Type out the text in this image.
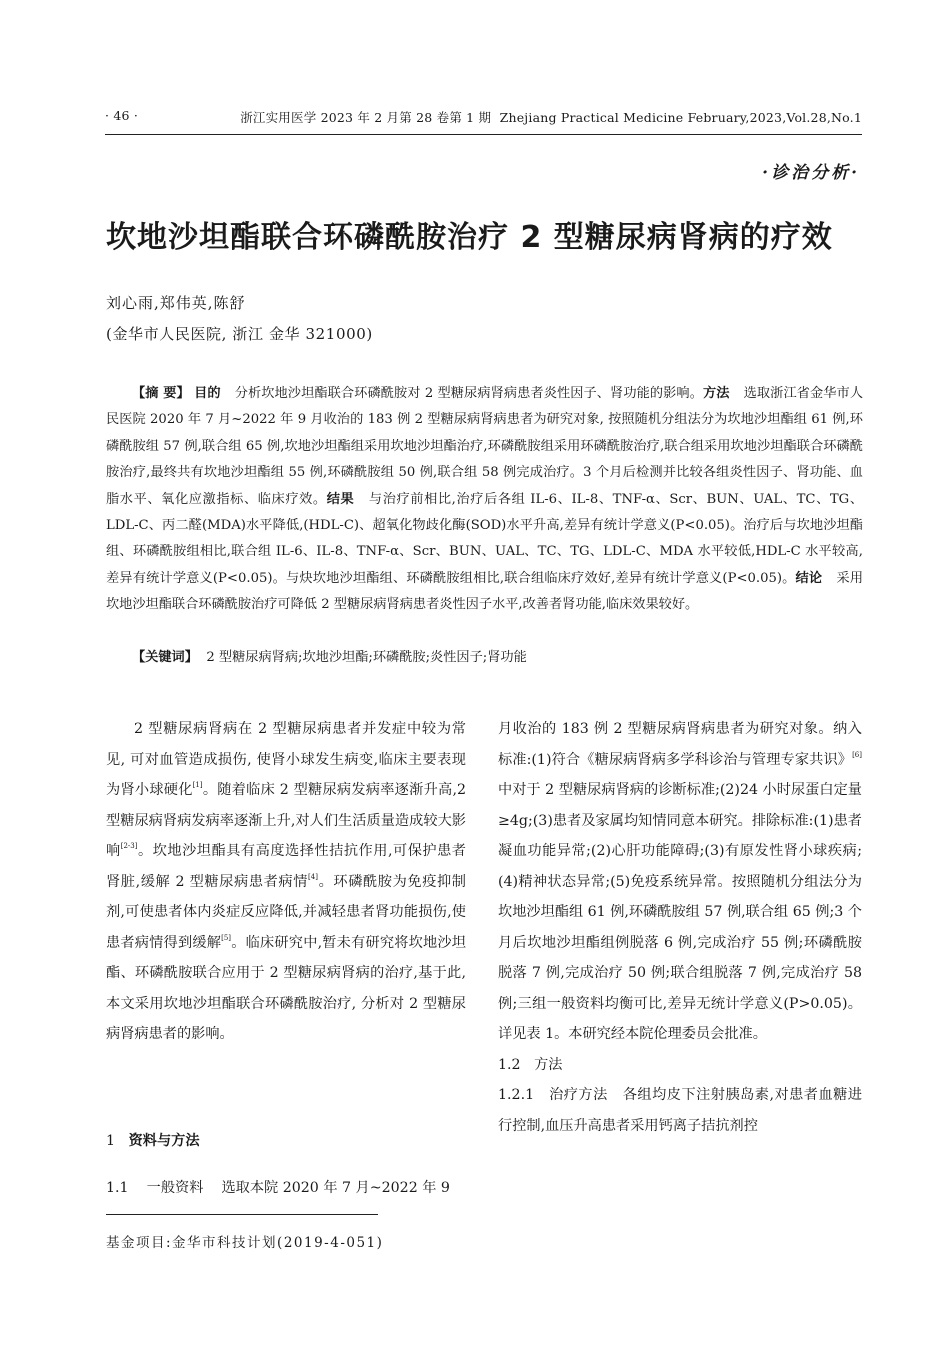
· 46 ·	浙江实用医学 2023 年 2 月第 28 卷第 1 期 Zhejiang Practical Medicine February,2023,Vol.28,No.1
·诊治分析·
坎地沙坦酯联合环磷酰胺治疗 2 型糖尿病肾病的疗效
刘心雨,郑伟英,陈舒
(金华市人民医院, 浙江 金华 321000)

【摘 要】 目的 分析坎地沙坦酯联合环磷酰胺对 2 型糖尿病肾病患者炎性因子、肾功能的影响。方法 选取浙江省金华市人民医院 2020 年 7 月~2022 年 9 月收治的 183 例 2 型糖尿病肾病患者为研究对象, 按照随机分组法分为坎地沙坦酯组 61 例,环磷酰胺组 57 例,联合组 65 例,坎地沙坦酯组采用坎地沙坦酯治疗,环磷酰胺组采用环磷酰胺治疗,联合组采用坎地沙坦酯联合环磷酰胺治疗,最终共有坎地沙坦酯组 55 例,环磷酰胺组 50 例,联合组 58 例完成治疗。3 个月后检测并比较各组炎性因子、肾功能、血脂水平、氧化应激指标、临床疗效。结果 与治疗前相比,治疗后各组 IL-6、IL-8、TNF-α、Scr、BUN、UAL、TC、TG、LDL-C、丙二醛(MDA)水平降低,(HDL-C)、超氧化物歧化酶(SOD)水平升高,差异有统计学意义(P<0.05)。治疗后与坎地沙坦酯组、环磷酰胺组相比,联合组 IL-6、IL-8、TNF-α、Scr、BUN、UAL、TC、TG、LDL-C、MDA 水平较低,HDL-C 水平较高,差异有统计学意义(P<0.05)。与炔坎地沙坦酯组、环磷酰胺组相比,联合组临床疗效好,差异有统计学意义(P<0.05)。结论 采用坎地沙坦酯联合环磷酰胺治疗可降低 2 型糖尿病肾病患者炎性因子水平,改善者肾功能,临床效果较好。

【关键词】 2 型糖尿病肾病;坎地沙坦酯;环磷酰胺;炎性因子;肾功能

2 型糖尿病肾病在 2 型糖尿病患者并发症中较为常见, 可对血管造成损伤, 使肾小球发生病变,临床主要表现为肾小球硬化[1]。随着临床 2 型糖尿病发病率逐渐升高,2 型糖尿病肾病发病率逐渐上升,对人们生活质量造成较大影响[2-3]。坎地沙坦酯具有高度选择性拮抗作用,可保护患者肾脏,缓解 2 型糖尿病患者病情[4]。环磷酰胺为免疫抑制剂,可使患者体内炎症反应降低,并减轻患者肾功能损伤,使患者病情得到缓解[5]。临床研究中,暂未有研究将坎地沙坦酯、环磷酰胺联合应用于 2 型糖尿病肾病的治疗,基于此,本文采用坎地沙坦酯联合环磷酰胺治疗, 分析对 2 型糖尿病肾病患者的影响。

1 资料与方法
1.1 一般资料 选取本院 2020 年 7 月~2022 年 9

月收治的 183 例 2 型糖尿病肾病患者为研究对象。纳入标准:(1)符合《糖尿病肾病多学科诊治与管理专家共识》[6] 中对于 2 型糖尿病肾病的诊断标准;(2)24 小时尿蛋白定量≥4g;(3)患者及家属均知情同意本研究。排除标准:(1)患者凝血功能异常;(2)心肝功能障碍;(3)有原发性肾小球疾病;(4)精神状态异常;(5)免疫系统异常。按照随机分组法分为坎地沙坦酯组 61 例,环磷酰胺组 57 例,联合组 65 例;3 个月后坎地沙坦酯组例脱落 6 例,完成治疗 55 例;环磷酰胺脱落 7 例,完成治疗 50 例;联合组脱落 7 例,完成治疗 58 例;三组一般资料均衡可比,差异无统计学意义(P>0.05)。详见表 1。本研究经本院伦理委员会批准。

1.2 方法

1.2.1 治疗方法 各组均皮下注射胰岛素,对患者血糖进行控制,血压升高患者采用钙离子拮抗剂控

基金项目:金华市科技计划(2019-4-051)
